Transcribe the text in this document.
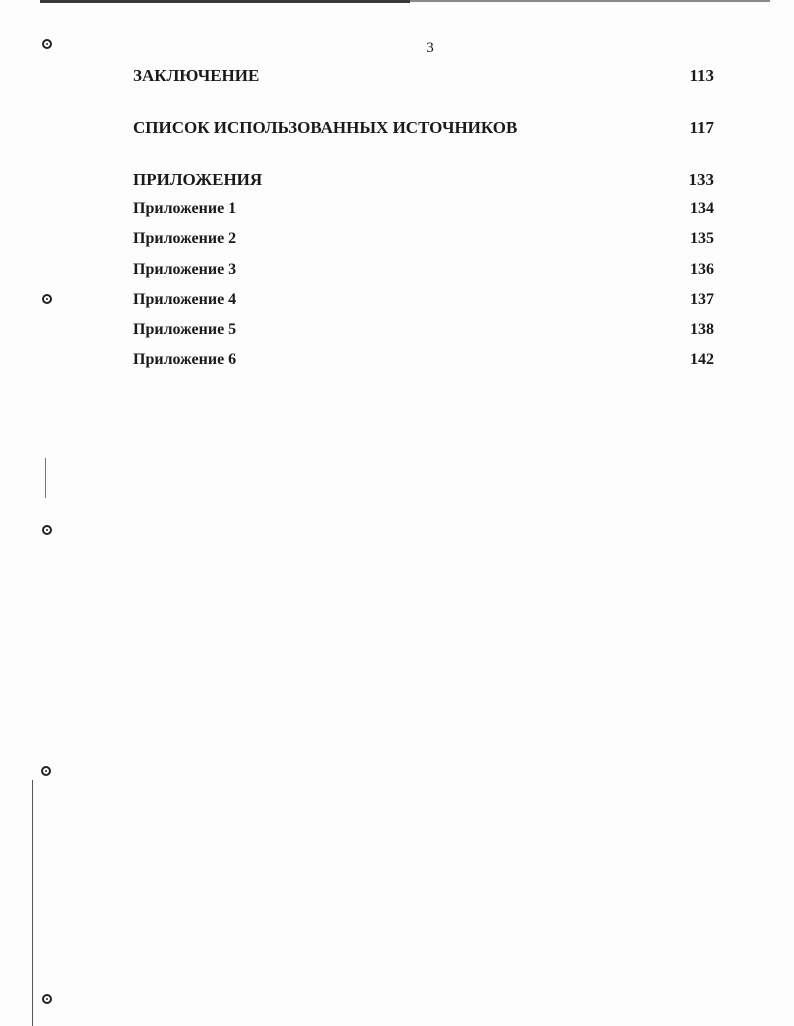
3
ЗАКЛЮЧЕНИЕ	113
СПИСОК ИСПОЛЬЗОВАННЫХ ИСТОЧНИКОВ	117
ПРИЛОЖЕНИЯ	133
Приложение 1	134
Приложение 2	135
Приложение 3	136
Приложение 4	137
Приложение 5	138
Приложение 6	142
